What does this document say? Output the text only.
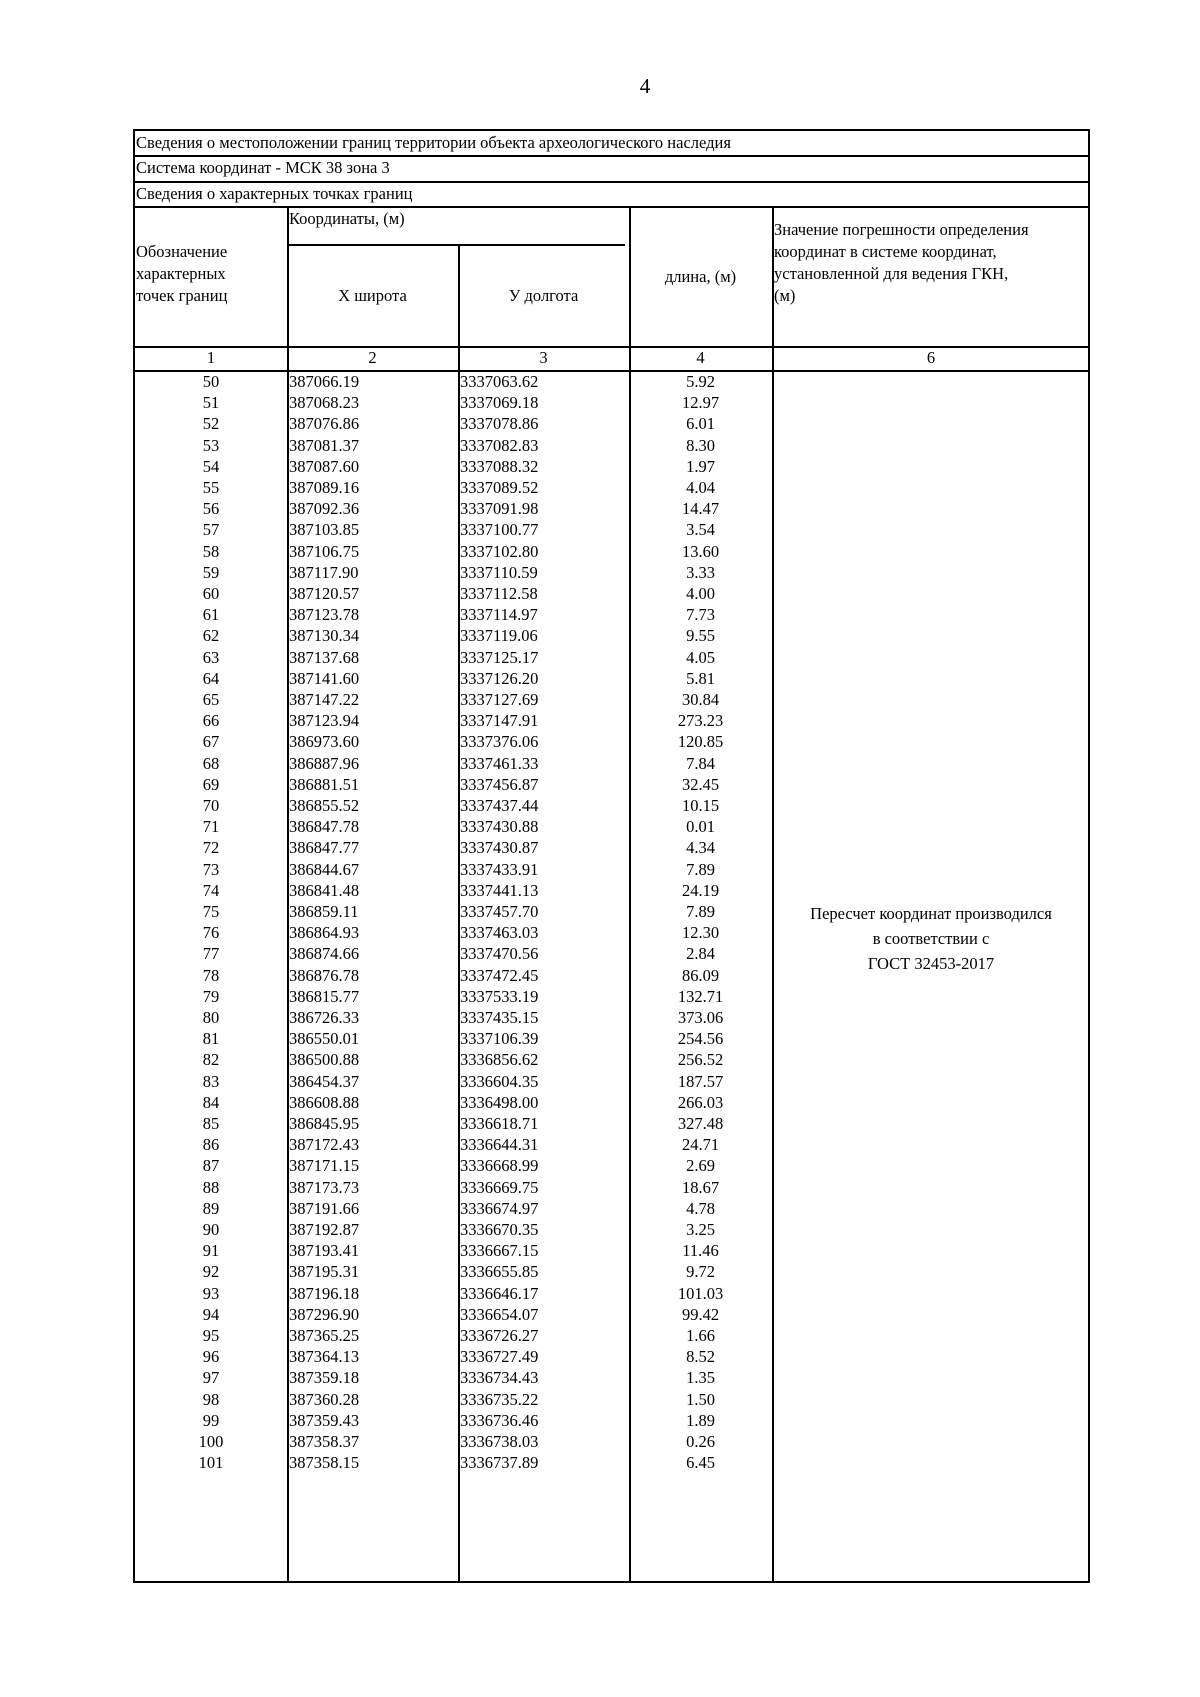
4
Сведения о местоположении границ территории объекта археологического наследия
Система координат - МСК 38 зона 3
Сведения о характерных точках границ
Обозначение
характерных
точек границ
Координаты, (м)
X широта	У долгота
длина, (м)
Значение погрешности определения
координат в системе координат,
установленной для ведения ГКН,
(м)
1	2	3	4	6
50	387066.19	3337063.62	5.92
51	387068.23	3337069.18	12.97
52	387076.86	3337078.86	6.01
53	387081.37	3337082.83	8.30
54	387087.60	3337088.32	1.97
55	387089.16	3337089.52	4.04
56	387092.36	3337091.98	14.47
57	387103.85	3337100.77	3.54
58	387106.75	3337102.80	13.60
59	387117.90	3337110.59	3.33
60	387120.57	3337112.58	4.00
61	387123.78	3337114.97	7.73
62	387130.34	3337119.06	9.55
63	387137.68	3337125.17	4.05
64	387141.60	3337126.20	5.81
65	387147.22	3337127.69	30.84
66	387123.94	3337147.91	273.23
67	386973.60	3337376.06	120.85
68	386887.96	3337461.33	7.84
69	386881.51	3337456.87	32.45
70	386855.52	3337437.44	10.15
71	386847.78	3337430.88	0.01
72	386847.77	3337430.87	4.34
73	386844.67	3337433.91	7.89
74	386841.48	3337441.13	24.19
75	386859.11	3337457.70	7.89
76	386864.93	3337463.03	12.30
77	386874.66	3337470.56	2.84
78	386876.78	3337472.45	86.09
79	386815.77	3337533.19	132.71
80	386726.33	3337435.15	373.06
81	386550.01	3337106.39	254.56
82	386500.88	3336856.62	256.52
83	386454.37	3336604.35	187.57
84	386608.88	3336498.00	266.03
85	386845.95	3336618.71	327.48
86	387172.43	3336644.31	24.71
87	387171.15	3336668.99	2.69
88	387173.73	3336669.75	18.67
89	387191.66	3336674.97	4.78
90	387192.87	3336670.35	3.25
91	387193.41	3336667.15	11.46
92	387195.31	3336655.85	9.72
93	387196.18	3336646.17	101.03
94	387296.90	3336654.07	99.42
95	387365.25	3336726.27	1.66
96	387364.13	3336727.49	8.52
97	387359.18	3336734.43	1.35
98	387360.28	3336735.22	1.50
99	387359.43	3336736.46	1.89
100	387358.37	3336738.03	0.26
101	387358.15	3336737.89	6.45
Пересчет координат производился
в соответствии с
ГОСТ 32453-2017
